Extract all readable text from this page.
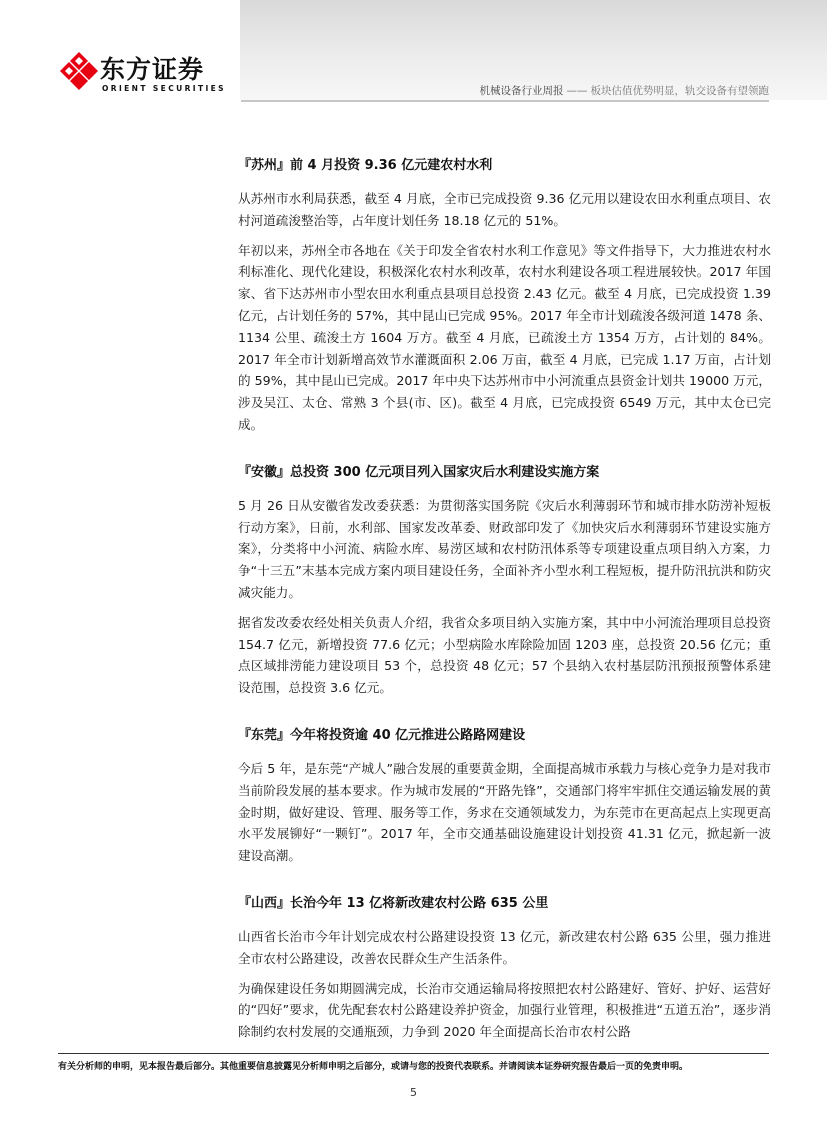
东方证券
ORIENT SECURITIES	机械设备行业周报 —— 板块估值优势明显，轨交设备有望领跑
『苏州』前 4 月投资 9.36 亿元建农村水利

从苏州市水利局获悉，截至 4 月底，全市已完成投资 9.36 亿元用以建设农田水利重点项目、农村河道疏浚整治等，占年度计划任务 18.18 亿元的 51%。

年初以来，苏州全市各地在《关于印发全省农村水利工作意见》等文件指导下，大力推进农村水利标准化、现代化建设，积极深化农村水利改革，农村水利建设各项工程进展较快。2017 年国家、省下达苏州市小型农田水利重点县项目总投资 2.43 亿元。截至 4 月底，已完成投资 1.39 亿元，占计划任务的 57%，其中昆山已完成 95%。2017 年全市计划疏浚各级河道 1478 条、1134 公里、疏浚土方 1604 万方。截至 4 月底，已疏浚土方 1354 万方，占计划的 84%。2017 年全市计划新增高效节水灌溉面积 2.06 万亩，截至 4 月底，已完成 1.17 万亩，占计划的 59%，其中昆山已完成。2017 年中央下达苏州市中小河流重点县资金计划共 19000 万元，涉及吴江、太仓、常熟 3 个县(市、区)。截至 4 月底，已完成投资 6549 万元，其中太仓已完成。

『安徽』总投资 300 亿元项目列入国家灾后水利建设实施方案

5 月 26 日从安徽省发改委获悉：为贯彻落实国务院《灾后水利薄弱环节和城市排水防涝补短板行动方案》，日前，水利部、国家发改革委、财政部印发了《加快灾后水利薄弱环节建设实施方案》，分类将中小河流、病险水库、易涝区域和农村防汛体系等专项建设重点项目纳入方案，力争“十三五”末基本完成方案内项目建设任务，全面补齐小型水利工程短板，提升防汛抗洪和防灾减灾能力。

据省发改委农经处相关负责人介绍，我省众多项目纳入实施方案，其中中小河流治理项目总投资 154.7 亿元，新增投资 77.6 亿元；小型病险水库除险加固 1203 座，总投资 20.56 亿元；重点区域排涝能力建设项目 53 个，总投资 48 亿元；57 个县纳入农村基层防汛预报预警体系建设范围，总投资 3.6 亿元。

『东莞』今年将投资逾 40 亿元推进公路路网建设

今后 5 年，是东莞“产城人”融合发展的重要黄金期，全面提高城市承载力与核心竞争力是对我市当前阶段发展的基本要求。作为城市发展的“开路先锋”，交通部门将牢牢抓住交通运输发展的黄金时期，做好建设、管理、服务等工作，务求在交通领域发力，为东莞市在更高起点上实现更高水平发展铆好“一颗钉”。2017 年，全市交通基础设施建设计划投资 41.31 亿元，掀起新一波建设高潮。

『山西』长治今年 13 亿将新改建农村公路 635 公里

山西省长治市今年计划完成农村公路建设投资 13 亿元，新改建农村公路 635 公里，强力推进全市农村公路建设，改善农民群众生产生活条件。

为确保建设任务如期圆满完成，长治市交通运输局将按照把农村公路建好、管好、护好、运营好的“四好”要求，优先配套农村公路建设养护资金，加强行业管理，积极推进“五道五治”，逐步消除制约农村发展的交通瓶颈，力争到 2020 年全面提高长治市农村公路

有关分析师的申明，见本报告最后部分。其他重要信息披露见分析师申明之后部分，或请与您的投资代表联系。并请阅读本证券研究报告最后一页的免责申明。
5
